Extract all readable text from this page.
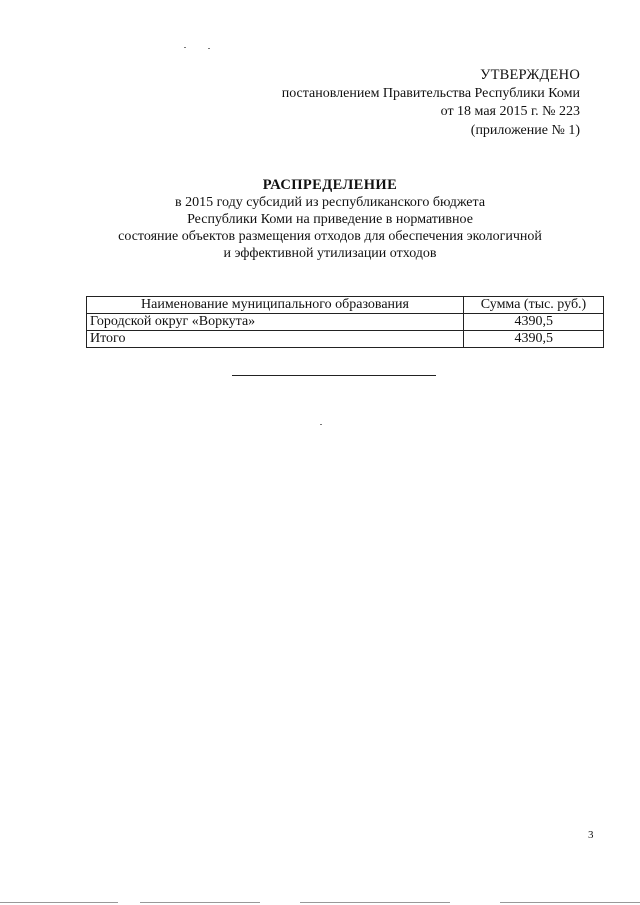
УТВЕРЖДЕНО
постановлением Правительства Республики Коми
от 18 мая 2015 г. № 223
(приложение № 1)
РАСПРЕДЕЛЕНИЕ
в 2015 году субсидий из республиканского бюджета
Республики Коми на приведение в нормативное
состояние объектов размещения отходов для обеспечения экологичной
и эффективной утилизации отходов
Наименование муниципального образования	Сумма (тыс. руб.)
Городской округ «Воркута»	4390,5
Итого	4390,5
3
